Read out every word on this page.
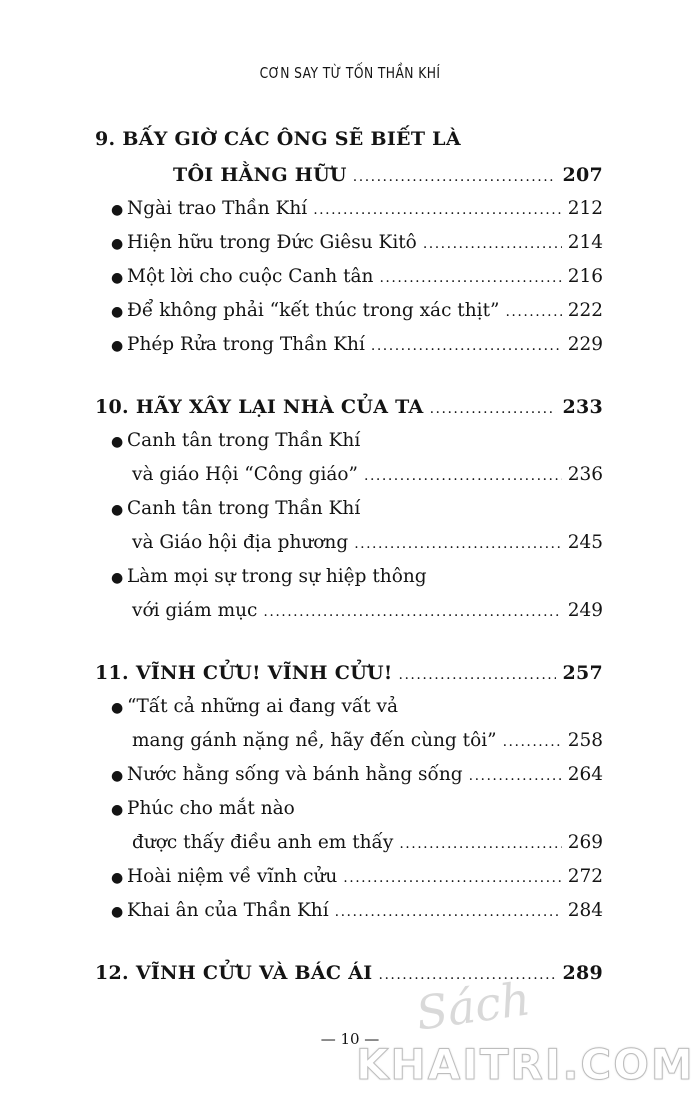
CƠN SAY TỪ TỐN THẦN KHÍ
9. BẤY GIỜ CÁC ÔNG SẼ BIẾT LÀ
TÔI HẰNG HỮU .....	207
● Ngài trao Thần Khí .....	212
● Hiện hữu trong Đức Giêsu Kitô .....	214
● Một lời cho cuộc Canh tân .....	216
● Để không phải “kết thúc trong xác thịt” .....	222
● Phép Rửa trong Thần Khí .....	229
10. HÃY XÂY LẠI NHÀ CỦA TA .....	233
● Canh tân trong Thần Khí
và giáo Hội “Công giáo” .....	236
● Canh tân trong Thần Khí
và Giáo hội địa phương .....	245
● Làm mọi sự trong sự hiệp thông
với giám mục .....	249
11. VĨNH CỬU! VĨNH CỬU! .....	257
● “Tất cả những ai đang vất vả
mang gánh nặng nề, hãy đến cùng tôi” .....	258
● Nước hằng sống và bánh hằng sống .....	264
● Phúc cho mắt nào
được thấy điều anh em thấy .....	269
● Hoài niệm về vĩnh cửu .....	272
● Khai ân của Thần Khí .....	284
12. VĨNH CỬU VÀ BÁC ÁI .....	289
— 10 — Sách
KHAITRI.COM
